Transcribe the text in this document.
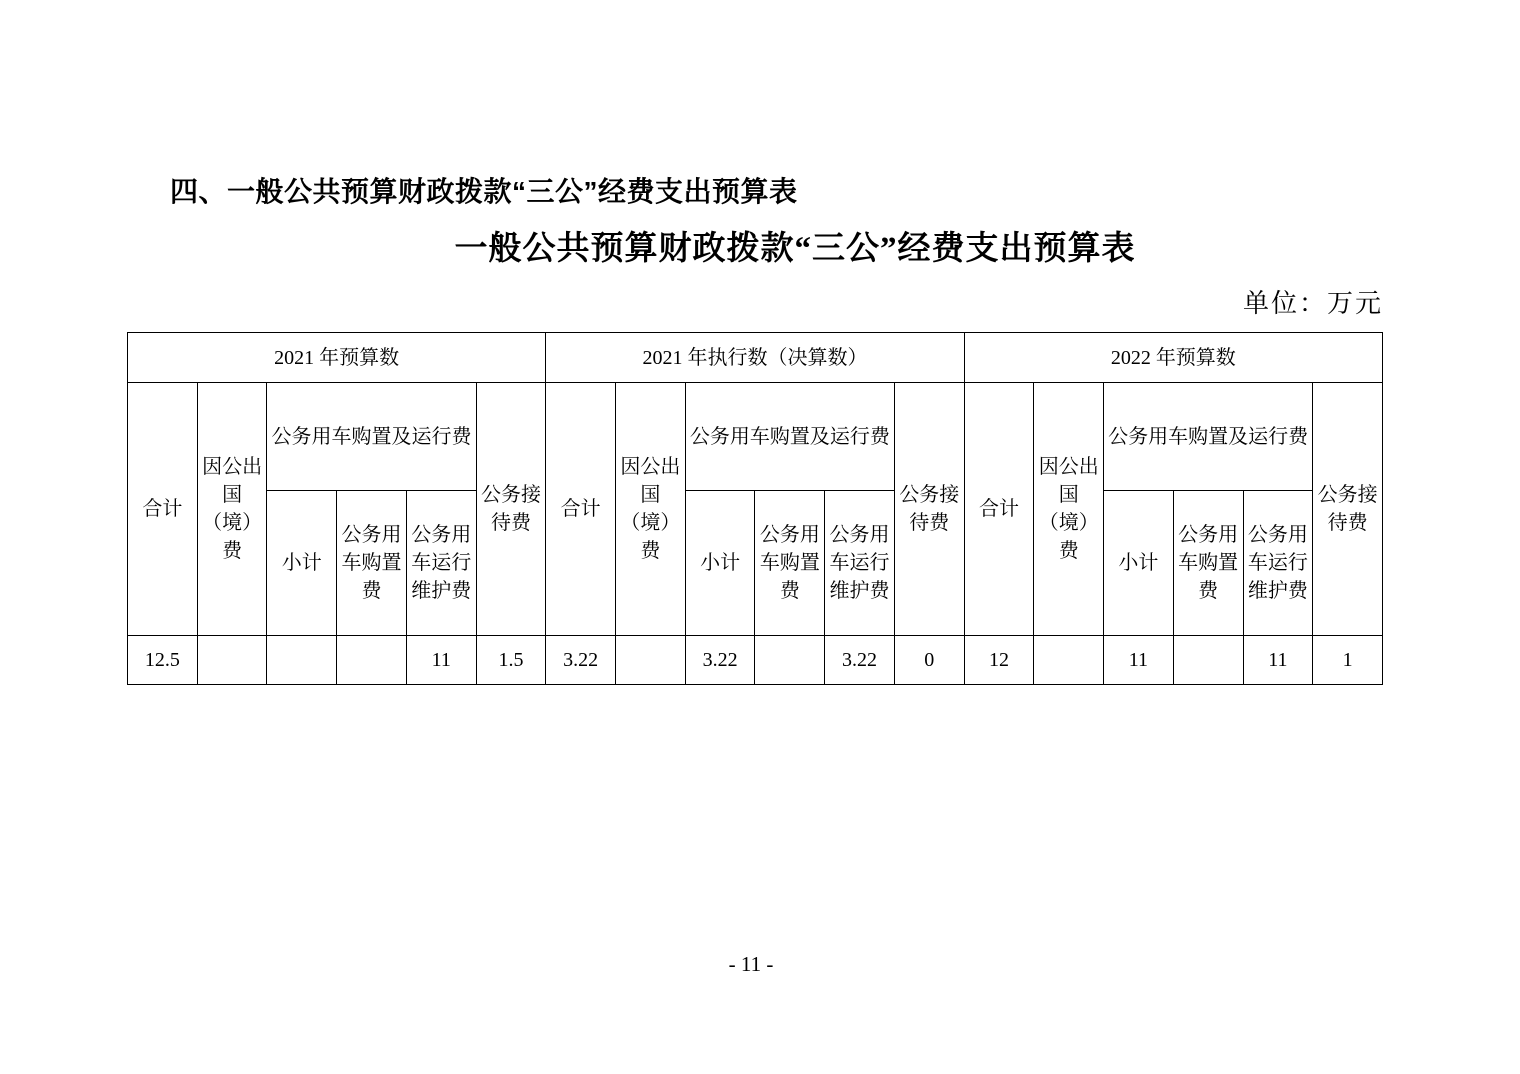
四、一般公共预算财政拨款“三公”经费支出预算表
一般公共预算财政拨款“三公”经费支出预算表
单位：万元
2021 年预算数						2021 年执行数（决算数）						2022 年预算数					
合计	因公出国（境）费	公务用车购置及运行费			公务接待费	合计	因公出国（境）费	公务用车购置及运行费			公务接待费	合计	因公出国（境）费	公务用车购置及运行费			公务接待费
		小计	公务用车购置费	公务用车运行维护费				小计	公务用车购置费	公务用车运行维护费				小计	公务用车购置费	公务用车运行维护费	
12.5				11	1.5	3.22		3.22		3.22	0	12		11		11	1
- 11 -
